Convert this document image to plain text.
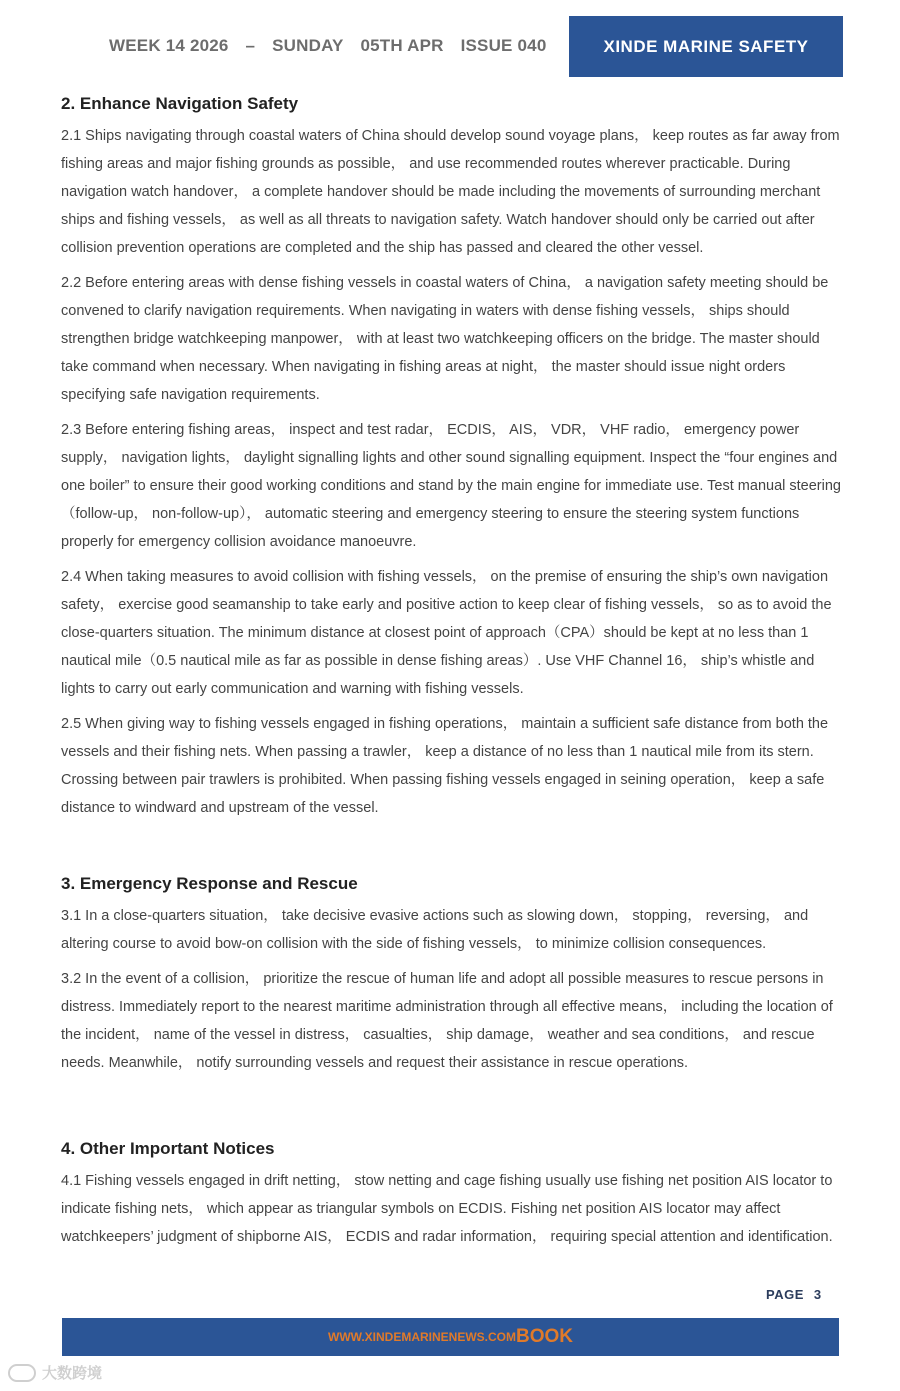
WEEK 14 2026 – SUNDAY 05TH APR ISSUE 040	XINDE MARINE SAFETY
2. Enhance Navigation Safety

2.1 Ships navigating through coastal waters of China should develop sound voyage plans， keep routes as far away from fishing areas and major fishing grounds as possible， and use recommended routes wherever practicable. During navigation watch handover， a complete handover should be made including the movements of surrounding merchant ships and fishing vessels， as well as all threats to navigation safety. Watch handover should only be carried out after collision prevention operations are completed and the ship has passed and cleared the other vessel.

2.2 Before entering areas with dense fishing vessels in coastal waters of China， a navigation safety meeting should be convened to clarify navigation requirements. When navigating in waters with dense fishing vessels， ships should strengthen bridge watchkeeping manpower， with at least two watchkeeping officers on the bridge. The master should take command when necessary. When navigating in fishing areas at night， the master should issue night orders specifying safe navigation requirements.

2.3 Before entering fishing areas， inspect and test radar， ECDIS， AIS， VDR， VHF radio， emergency power supply， navigation lights， daylight signalling lights and other sound signalling equipment. Inspect the “four engines and one boiler” to ensure their good working conditions and stand by the main engine for immediate use. Test manual steering（follow-up， non-follow-up）， automatic steering and emergency steering to ensure the steering system functions properly for emergency collision avoidance manoeuvre.

2.4 When taking measures to avoid collision with fishing vessels， on the premise of ensuring the ship’s own navigation safety， exercise good seamanship to take early and positive action to keep clear of fishing vessels， so as to avoid the close-quarters situation. The minimum distance at closest point of approach（CPA）should be kept at no less than 1 nautical mile（0.5 nautical mile as far as possible in dense fishing areas）. Use VHF Channel 16， ship’s whistle and lights to carry out early communication and warning with fishing vessels.

2.5 When giving way to fishing vessels engaged in fishing operations， maintain a sufficient safe distance from both the vessels and their fishing nets. When passing a trawler， keep a distance of no less than 1 nautical mile from its stern. Crossing between pair trawlers is prohibited. When passing fishing vessels engaged in seining operation， keep a safe distance to windward and upstream of the vessel.

3. Emergency Response and Rescue

3.1 In a close-quarters situation， take decisive evasive actions such as slowing down， stopping， reversing， and altering course to avoid bow-on collision with the side of fishing vessels， to minimize collision consequences.

3.2 In the event of a collision， prioritize the rescue of human life and adopt all possible measures to rescue persons in distress. Immediately report to the nearest maritime administration through all effective means， including the location of the incident， name of the vessel in distress， casualties， ship damage， weather and sea conditions， and rescue needs. Meanwhile， notify surrounding vessels and request their assistance in rescue operations.

4. Other Important Notices

4.1 Fishing vessels engaged in drift netting， stow netting and cage fishing usually use fishing net position AIS locator to indicate fishing nets， which appear as triangular symbols on ECDIS. Fishing net position AIS locator may affect watchkeepers’ judgment of shipborne AIS， ECDIS and radar information， requiring special attention and identification.

PAGE 3
WWW.XINDEMARINENEWS.COM BOOK
大数跨境
